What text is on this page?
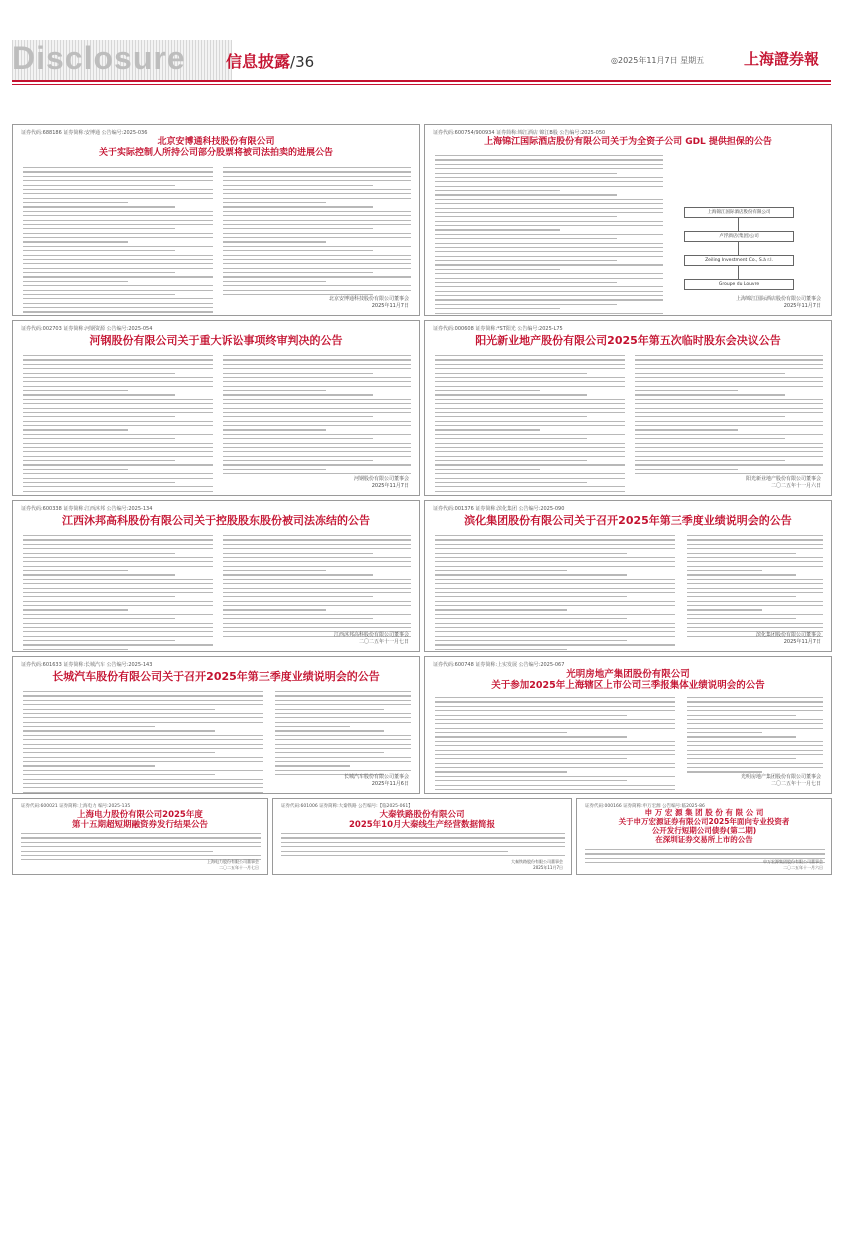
Disclosure	信息披露/36	◎2025年11月7日 星期五	上海證券報
证券代码:688186 证券简称:安博通 公告编号:2025-036
北京安博通科技股份有限公司
关于实际控制人所持公司部分股票将被司法拍卖的进展公告
北京安博通科技股份有限公司董事会
2025年11月7日
证券代码:600754/900934 证券简称:锦江酒店 锦江B股 公告编号:2025-050
上海锦江国际酒店股份有限公司关于为全资子公司 GDL 提供担保的公告
上海锦江国际酒店股份有限公司
卢浮酒店(集团)公司
Zeiling Investment Co., S.à r.l.
Groupe du Louvre
上海锦江国际酒店股份有限公司董事会
2025年11月7日
证券代码:002703 证券简称:河钢资源 公告编号:2025-054
河钢股份有限公司关于重大诉讼事项终审判决的公告
河钢股份有限公司董事会
2025年11月7日
证券代码:000608 证券简称:*ST阳光 公告编号:2025-L75
阳光新业地产股份有限公司2025年第五次临时股东会决议公告
阳光新业地产股份有限公司董事会
二〇二五年十一月六日
证券代码:600338 证券简称:江西沐邦 公告编号:2025-134
江西沐邦高科股份有限公司关于控股股东股份被司法冻结的公告
江西沐邦高科股份有限公司董事会
二〇二五年十一月七日
证券代码:001376 证券简称:滨化集团 公告编号:2025-090
滨化集团股份有限公司关于召开2025年第三季度业绩说明会的公告
滨化集团股份有限公司董事会
2025年11月7日
证券代码:601633 证券简称:长城汽车 公告编号:2025-143
长城汽车股份有限公司关于召开2025年第三季度业绩说明会的公告
长城汽车股份有限公司董事会
2025年11月6日
证券代码:600748 证券简称:上实发展 公告编号:2025-067
光明房地产集团股份有限公司
关于参加2025年上海辖区上市公司三季报集体业绩说明会的公告
光明房地产集团股份有限公司董事会
二〇二五年十一月七日
证券代码:600021 证券简称:上海电力 编号:2025-135
上海电力股份有限公司2025年度
第十五期超短期融资券发行结果公告
上海电力股份有限公司董事会
二〇二五年十一月七日
证券代码:601006 证券简称:大秦铁路 公告编号:【临2025-061】
大秦铁路股份有限公司
2025年10月大秦线生产经营数据简报
大秦铁路股份有限公司董事会
2025年11月7日
证券代码:000166 证券简称:申万宏源 公告编号:临2025-86
申 万 宏 源 集 团 股 份 有 限 公 司
关于申万宏源证券有限公司2025年面向专业投资者
公开发行短期公司债券(第二期)
在深圳证券交易所上市的公告
申万宏源集团股份有限公司董事会
二〇二五年十一月六日
